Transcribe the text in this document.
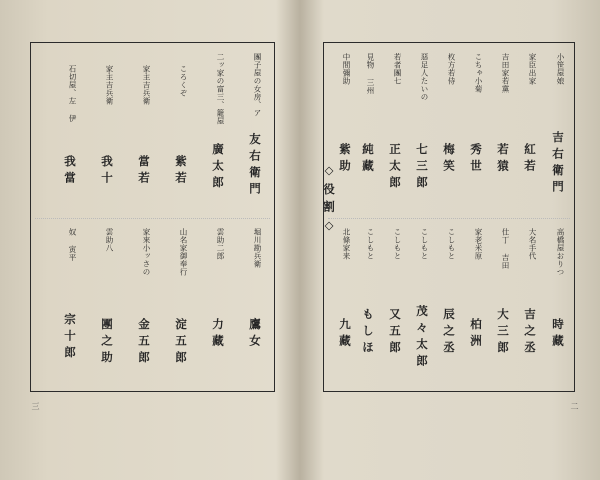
團子屋の女房、ア
友右衛門
二ッ家の富三、籠屋
廣太郎
ころくぞ
紫若
家主吉兵衛
當若
家主吉兵衛
我十
石切屋、左 伊
我當
堀川勘兵衛
鷹女
雲助二郎
力藏
山名家御奉行
淀五郎
家來小ッさの
金五郎
雲助八
團之助
奴 寅平
宗十郎
三
◇役割◇
小笹屋娘
吉右衛門
家臣出家
紅若
吉田家若黨
若猿
こちゃ小菊
秀世
枚方若侍
梅笑
惡足人たいの
七三郎
若者團七
正太郎
見物 三州
純藏
中間彌助
紫助
高橋屋おりつ
時藏
大名手代
吉之丞
仕丁 吉田
大三郎
家老米原
柏洲
こしもと
辰之丞
こしもと
茂々太郎
こしもと
又五郎
こしもと
もしほ
北條家来
九藏
二
